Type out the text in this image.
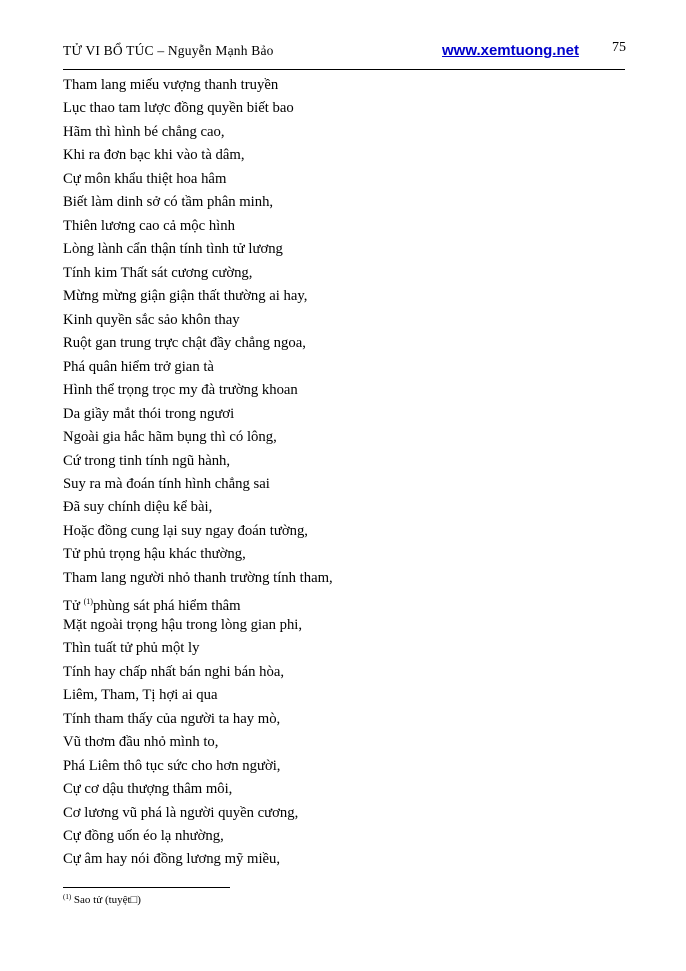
TỬ VI BỔ TÚC – Nguyễn Mạnh Bảo	www.xemtuong.net 75
Tham lang miếu vượng thanh truyền
Lục thao tam lược đồng quyền biết bao
Hãm thì hình bé chẳng cao,
Khi ra đơn bạc khi vào tà dâm,
Cự môn khẩu thiệt hoa hâm
Biết làm dinh sở có tầm phân minh,
Thiên lương cao cả mộc hình
Lòng lành cẩn thận tính tình tử lương
Tính kim Thất sát cương cường,
Mừng mừng giận giận thất thường ai hay,
Kinh quyền sắc sảo khôn thay
Ruột gan trung trực chật đầy chẳng ngoa,
Phá quân hiểm trở gian tà
Hình thể trọng trọc my đà trường khoan
Da giầy mắt thói trong ngươi
Ngoài gia hắc hãm bụng thì có lông,
Cứ trong tinh tính ngũ hành,
Suy ra mà đoán tính hình chẳng sai
Đã suy chính diệu kể bài,
Hoặc đồng cung lại suy ngay đoán tường,
Tử phủ trọng hậu khác thường,
Tham lang người nhỏ thanh trường tính tham,
Tử $^{(1)}$phùng sát phá hiểm thâm
Mặt ngoài trọng hậu trong lòng gian phi,
Thìn tuất tử phủ một ly
Tính hay chấp nhất bán nghi bán hòa,
Liêm, Tham, Tị hợi ai qua
Tính tham thấy của người ta hay mò,
Vũ thơm đầu nhỏ mình to,
Phá Liêm thô tục sức cho hơn người,
Cự cơ dậu thượng thâm môi,
Cơ lương vũ phá là người quyền cương,
Cự đồng uốn éo lạ nhường,
Cự âm hay nói đồng lương mỹ miều,
$^{(1)}$ Sao tử (tuyệt□)
